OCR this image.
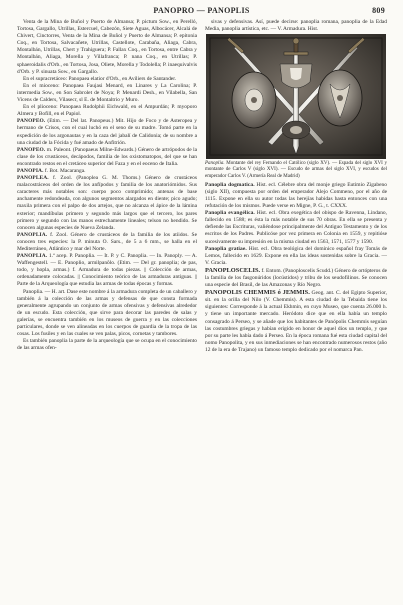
PANOPRO — PANOPLIS	809

Venta de la Mina de Buñol y Puerto de Almansa; P. pictum Sow., en Perelló, Tortosa, Gargallo, Utrillas, Estercuel, Cabezón, Siete Aguas, Albocácer, Alcalá de Chivert, Cinctorres, Venta de la Mina de Buñol y Puerto de Almansa; P. epitonia Coq., en Tortosa, Salvacañete, Utrillas, Castellote, Carabaña, Aliaga, Cabra, Montalbán, Utrillas, Chert y Trahiguera; P. Fallax Coq., en Tortosa, entre Cabra y Montalbán, Aliaga, Morella y Villafranca; P. nana Coq., en Utrillas; P. sphaeroidalis d'Orb., en Tortosa, Josa, Oliete, Morella y Todolella; P. inaequivalvis d'Orb. y P. sinuata Sow., en Gargallo.

En el supracretáceo: Panopaea elatior d'Orb., en Aviliers de Santander.

En el mioceno: Panopaea Faujasi Menard, en Linares y La Carolina; P. intermedia Sow., en Son Sabrolet de Noya; P. Menardi Desh., en Vilabella, San Vicens de Calders, Vilasecr, sl E. de Montaltrio y Muro.

En el plioceno: Panopaea Rudolphii Eichwald, en el Ampurdán; P. myoporo Almera y Bofill, en el Papiol.

PANOPEO. (Etim. — Del lat. Panopeus.) Mit. Hijo de Foco y de Asteropea y hermano de Crisos, con el cual luchó en el seno de su madre. Tomó parte en la expedición de los argonautas y en la caza del jabalí de Calidonia; de su nombre a una ciudad de la Fócida y fué amado de Anfitrión.

PANOPEO. m. Paleont. (Panopaeus Milne-Edwards.) Género de artrópodos de la clase de los crustáceos, decápodos, familia de los oxistomatopos, del que se han encontrado restos en el cretáceo superior del Faza y en el eoceno de Italia.

PANOPIA. f. Bot. Macaranga.

PANOPLEA. f. Zool. (Panoplea G. M. Thoms.) Género de crustáceos malacostráceos del orden de los anfípodos y familia de los anatoriómidos. Sus caracteres más notables son: cuerpo poco comprimido; antenas de base anchamente redondeada, con algunos segmentos alargados en diente; pico agudo; maxila primera con el palpo de dos artejos, que no alcanza el ápice de la lámina exterior; mandíbulas primero y segundo más largos que el tercero, los pares primero y segundo con las manos estrechamente lineales; telson no hendido. Se conocen algunas especies de Nueva Zelanda.

PANOPLIA. f. Zool. Género de crustáceos de la familia de los atiidos. Se conocen tres especies: la P. minuta O. Sars., de 5 a 6 mm., se halla en el Mediterráneo, Atlántico y mar del Norte.

PANOPLIA. 1.ª acep. P. Panoplia. — It. P. y C. Panoplia. — In. Panoply. — A. Waffengestell. — E. Panoplio, armilpanôlo. (Etim. — Del gr. panoplia; de pas, todo, y hopla, armas.) f. Armadura de todas piezas. || Colección de armas, ordenadamente colocadas. || Conocimiento teórico de las armaduras antiguas. || Parte de la Arqueología que estudia las armas de todas épocas y formas.

Panoplia. — H. art. Dase este nombre á la armadura completa de un caballero y también á la colección de las armas y defensas de que consta formada generalmente agrupando un conjunto de armas ofensivas y defensivas alrededor de un escudo. Esta colección, que sirve para decorar las paredes de salas y galerías, se encuentra también en los museos de guerra y en las colecciones particulares, donde se ven alineadas en los cuerpos de guardia de la tropa de las cosas. Los fusiles y en las cuales se ven palas, picos, cornetas y tambores.

Es también panoplia la parte de la arqueología que se ocupa en el conocimiento de las armas ofen-

sivas y defensivas. Así, puede decirse: panoplia romana, panoplia de la Edad Media, panoplia artística, etc. — V. Armadura. Hist.

Panoplia. Montante del rey Fernando el Católico (siglo XV). — Espada del siglo XVI y montante de Carlos V (siglo XVI). — Escudo de armas del siglo XVI, y escudos del emperador Carlos V. (Armería Real de Madrid)

Panoplia dogmatica. Hist. ecl. Célebre obra del monje griego Eutimio Zigabeno (siglo XII), compuesta por orden del emperador Alejo Commeno, por el año de 1115. Expone en ella su autor todas las herejías habidas hasta entonces con una refutación de los mismos. Puede verse en Migne, P. G., t. CXXX.

Panoplia evangélica. Hist. ecl. Obra exegética del obispo de Ravenna, Lindano, fallecido en 1588; es ésta la más notable de sus 70 obras. En ella se presenta y defiende las Escrituras, valiéndose principalmente del Antiguo Testamento y de los escritos de los Padres. Publicóse por vez primera en Colonia en 1559, y repitióse sucesivamente su impresión en la misma ciudad en 1563, 1571, 1577 y 1590.

Panoplia gratiae. Hist. ecl. Obra teológica del dominico español fray Tomás de Lemos, fallecido en 1629. Expone en ella las ideas sostenidas sobre la Gracia. — V. Gracia.

PANOPLOSCELIS. f. Entom. (Panoploscelis Scudd.) Género de ortópteros de la familia de los fasgonúridos (locústidos) y tribu de los seudofilinos. Se conocen una especie del Brasil, de las Amazonas y Río Negro.

PANOPOLIS CHEMMIS ó JEMMIS. Geog. ant. C. del Egipto Superior, sit. en la orilla del Nilo (V. Chemmis). A esta ciudad de la Tebaida tiene los siguientes: Corresponde á la actual Ekhmin, en cuyo Museo, que cuenta 26.000 h. y tiene un importante mercado. Heródoto dice que en ella había un templo consagrado á Perseo, y se añade que los habitantes de Panópolis Chemmis seguían las costumbres griegas y habían erigido en honor de aquel dios un templo, y que por su parte les había dado á Perseo. En la época romana fué esta ciudad capital del nomo Panopolita, y en sus inmediaciones se han encontrado numerosos restos (año 12 de la era de Trajano) un famoso templo dedicado por el nomarca Pan.
